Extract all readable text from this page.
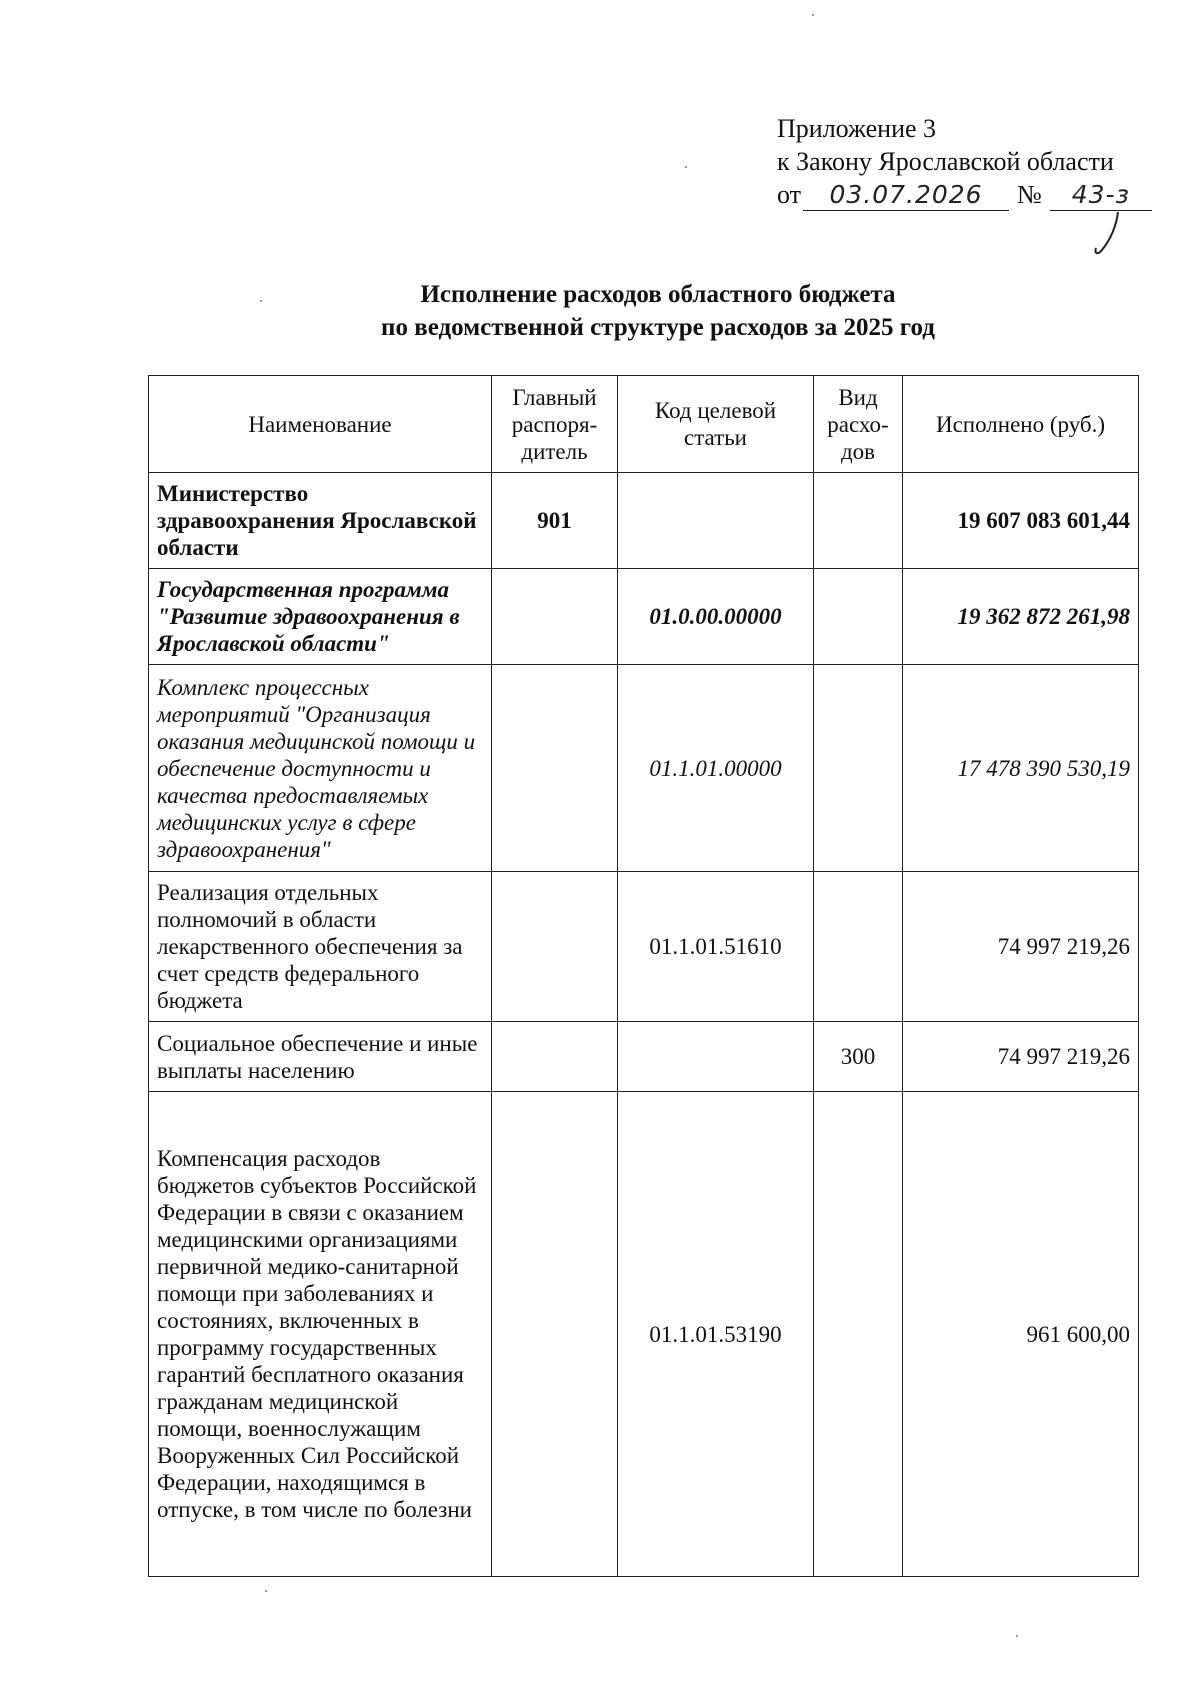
Приложение 3
к Закону Ярославской области
от 03.07.2026 № 43-з
Исполнение расходов областного бюджета
по ведомственной структуре расходов за 2025 год
Наименование	Главный распоря-дитель	Код целевой статьи	Вид расхо-дов	Исполнено (руб.)
Министерство здравоохранения Ярославской области	901			19 607 083 601,44
Государственная программа "Развитие здравоохранения в Ярославской области"		01.0.00.00000		19 362 872 261,98
Комплекс процессных мероприятий "Организация оказания медицинской помощи и обеспечение доступности и качества предоставляемых медицинских услуг в сфере здравоохранения"		01.1.01.00000		17 478 390 530,19
Реализация отдельных полномочий в области лекарственного обеспечения за счет средств федерального бюджета		01.1.01.51610		74 997 219,26
Социальное обеспечение и иные выплаты населению			300	74 997 219,26
Компенсация расходов бюджетов субъектов Российской Федерации в связи с оказанием медицинскими организациями первичной медико-санитарной помощи при заболеваниях и состояниях, включенных в программу государственных гарантий бесплатного оказания гражданам медицинской помощи, военнослужащим Вооруженных Сил Российской Федерации, находящимся в отпуске, в том числе по болезни		01.1.01.53190		961 600,00
